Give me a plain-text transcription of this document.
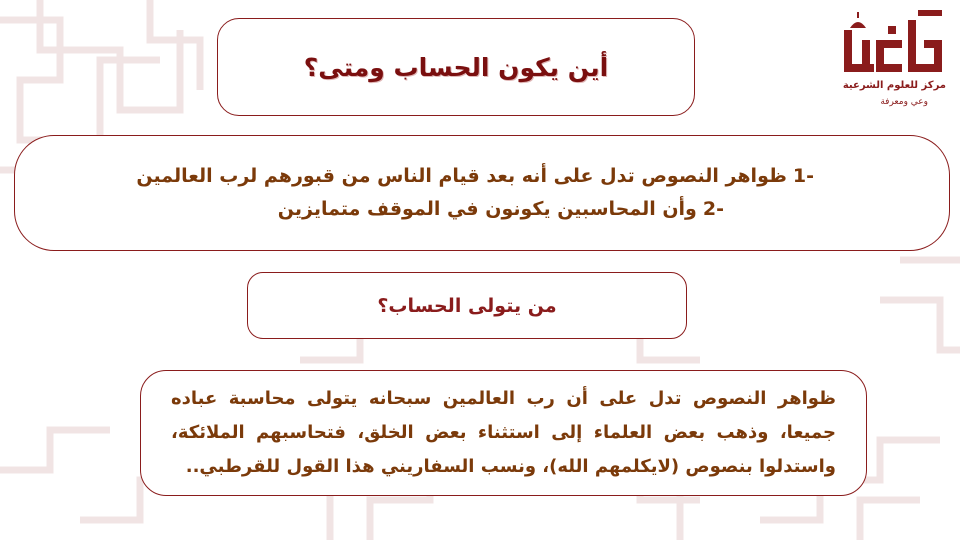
أين يكون الحساب ومتى؟
-1ظواهر النصوص تدل على أنه بعد قيام الناس من قبورهم لرب العالمين
-2وأن المحاسبين يكونون في الموقف متمايزين
من يتولى الحساب؟
ظواهر النصوص تدل على أن رب العالمين سبحانه يتولى محاسبة عباده جميعا، وذهب بعض العلماء إلى استثناء بعض الخلق، فتحاسبهم الملائكة، واستدلوا بنصوص (لايكلمهم الله)، ونسب السفاريني هذا القول للقرطبي..
مركز للعلوم الشرعية
وعي ومعرفة
